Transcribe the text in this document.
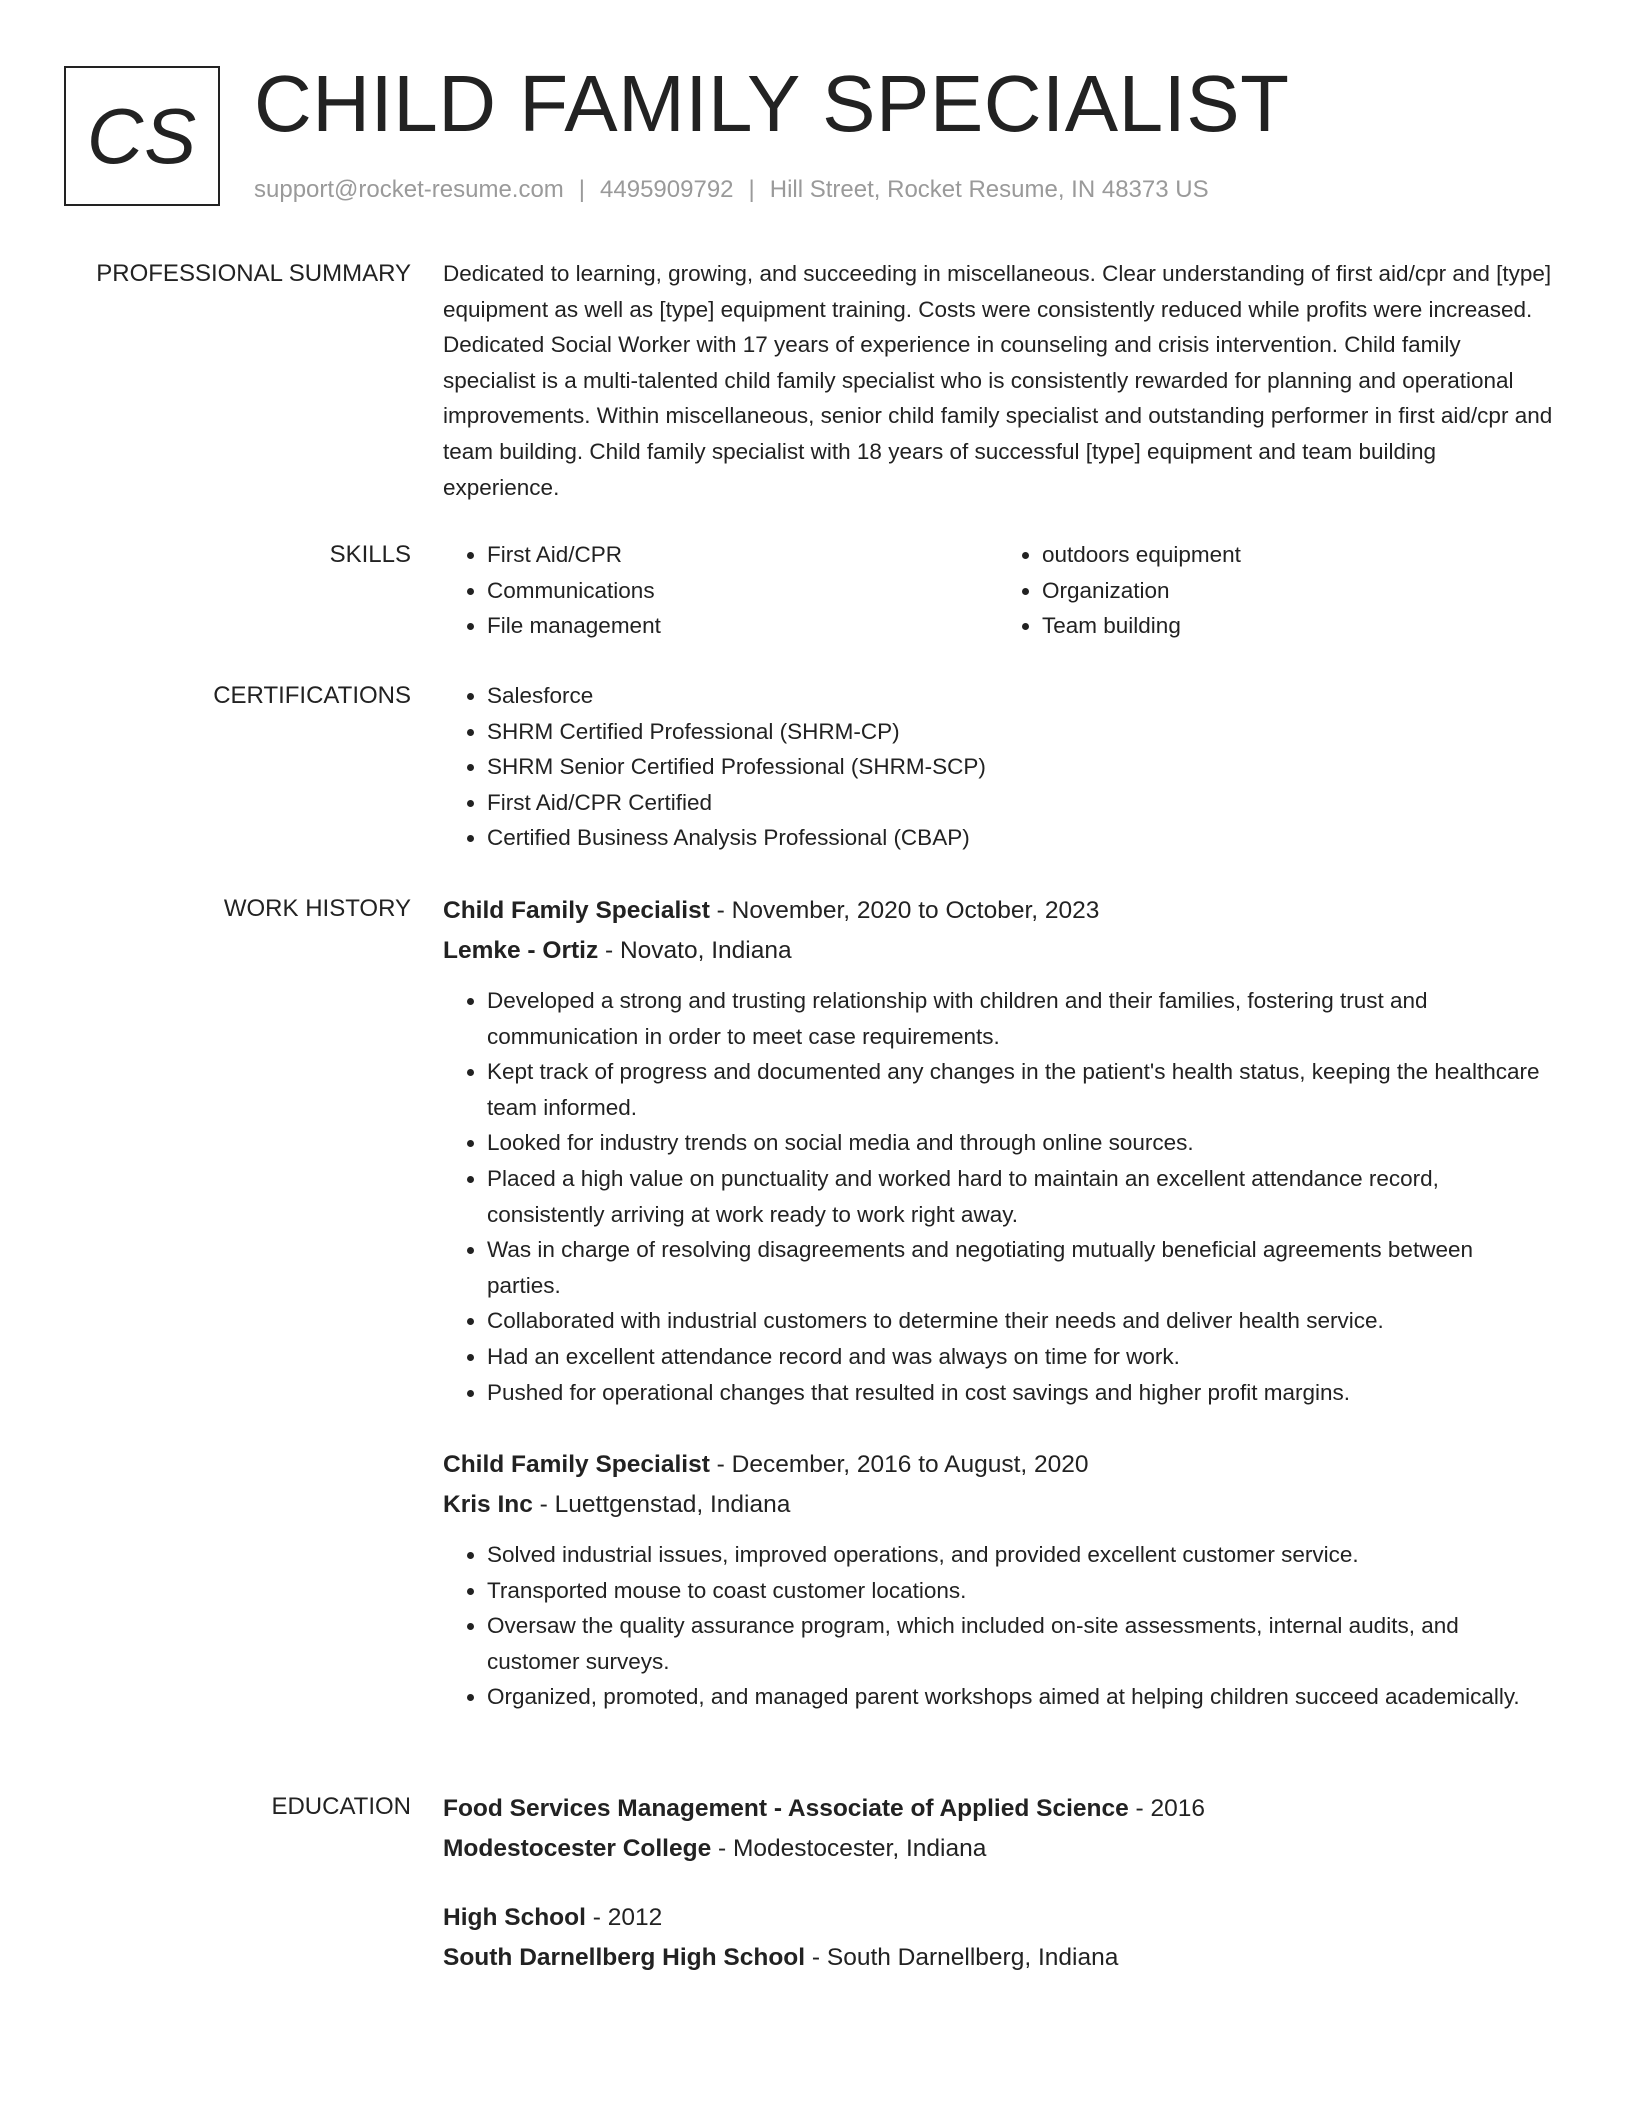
CS CHILD FAMILY SPECIALIST
support@rocket-resume.com | 4495909792 | Hill Street, Rocket Resume, IN 48373 US
PROFESSIONAL SUMMARY Dedicated to learning, growing, and succeeding in miscellaneous. Clear understanding of first aid/cpr and [type] equipment as well as [type] equipment training. Costs were consistently reduced while profits were increased. Dedicated Social Worker with 17 years of experience in counseling and crisis intervention. Child family specialist is a multi-talented child family specialist who is consistently rewarded for planning and operational improvements. Within miscellaneous, senior child family specialist and outstanding performer in first aid/cpr and team building. Child family specialist with 18 years of successful [type] equipment and team building experience.

SKILLS	• First Aid/CPR
• Communications
• File management
• outdoors equipment
• Organization
• Team building
CERTIFICATIONS	• Salesforce
• SHRM Certified Professional (SHRM-CP)
• SHRM Senior Certified Professional (SHRM-SCP)
• First Aid/CPR Certified
• Certified Business Analysis Professional (CBAP)
WORK HISTORY Child Family Specialist - November, 2020 to October, 2023
Lemke - Ortiz - Novato, Indiana
• Developed a strong and trusting relationship with children and their families, fostering trust and communication in order to meet case requirements.
• Kept track of progress and documented any changes in the patient's health status, keeping the healthcare team informed.
• Looked for industry trends on social media and through online sources.
• Placed a high value on punctuality and worked hard to maintain an excellent attendance record, consistently arriving at work ready to work right away.
• Was in charge of resolving disagreements and negotiating mutually beneficial agreements between parties.
• Collaborated with industrial customers to determine their needs and deliver health service.
• Had an excellent attendance record and was always on time for work.
• Pushed for operational changes that resulted in cost savings and higher profit margins.
Child Family Specialist - December, 2016 to August, 2020
Kris Inc - Luettgenstad, Indiana
• Solved industrial issues, improved operations, and provided excellent customer service.
• Transported mouse to coast customer locations.
• Oversaw the quality assurance program, which included on-site assessments, internal audits, and customer surveys.
• Organized, promoted, and managed parent workshops aimed at helping children succeed academically.
EDUCATION Food Services Management - Associate of Applied Science - 2016
Modestocester College - Modestocester, Indiana
High School - 2012
South Darnellberg High School - South Darnellberg, Indiana
